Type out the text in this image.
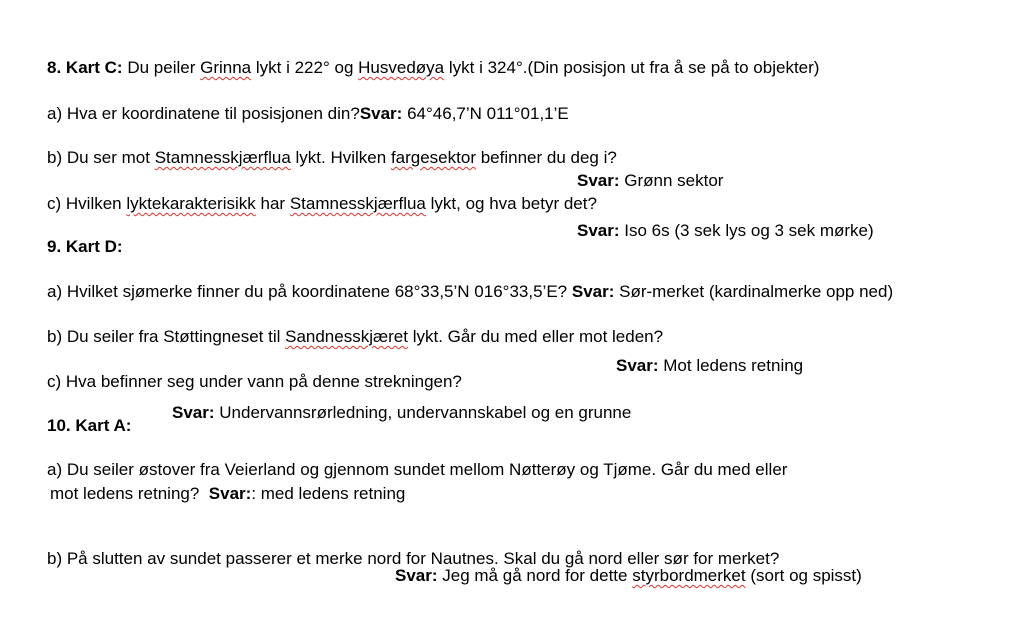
8. Kart C: Du peiler Grinna lykt i 222° og Husvedøya lykt i 324°.(Din posisjon ut fra å se på to objekter)
a) Hva er koordinatene til posisjonen din?Svar: 64°46,7’N 011°01,1’E
b) Du ser mot Stamnesskjærflua lykt. Hvilken fargesektor befinner du deg i?
Svar: Grønn sektor
c) Hvilken lyktekarakterisikk har Stamnesskjærflua lykt, og hva betyr det?
Svar: Iso 6s (3 sek lys og 3 sek mørke)
9. Kart D:
a) Hvilket sjømerke finner du på koordinatene 68°33,5’N 016°33,5’E? Svar: Sør-merket (kardinalmerke opp ned)
b) Du seiler fra Støttingneset til Sandnesskjæret lykt. Går du med eller mot leden?
Svar: Mot ledens retning
c) Hva befinner seg under vann på denne strekningen?
Svar: Undervannsrørledning, undervannskabel og en grunne
10. Kart A:
a) Du seiler østover fra Veierland og gjennom sundet mellom Nøtterøy og Tjøme. Går du med eller
mot ledens retning? Svar:: med ledens retning
b) På slutten av sundet passerer et merke nord for Nautnes. Skal du gå nord eller sør for merket?
Svar: Jeg må gå nord for dette styrbordmerket (sort og spisst)
